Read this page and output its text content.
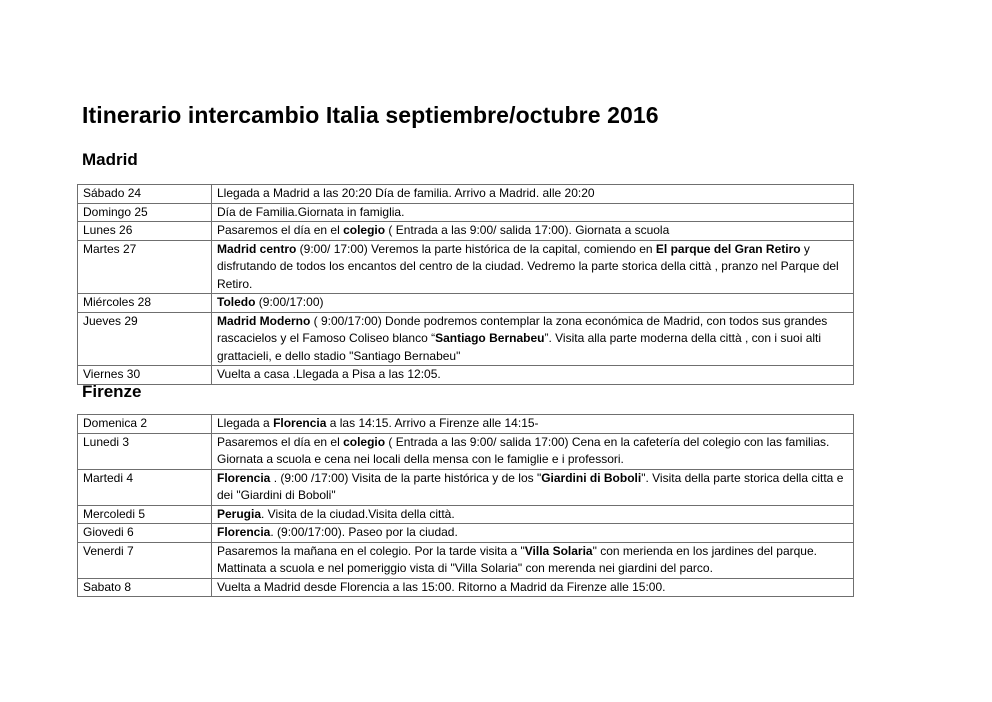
Itinerario intercambio Italia septiembre/octubre 2016
Madrid
Sábado 24	Llegada a Madrid a las 20:20 Día de familia. Arrivo a Madrid. alle 20:20
Domingo 25	Día de Familia.Giornata in famiglia.
Lunes 26	Pasaremos el día en el colegio ( Entrada a las 9:00/ salida 17:00). Giornata a scuola
Martes 27	Madrid centro (9:00/ 17:00) Veremos la parte histórica de la capital, comiendo en El parque del Gran Retiro y disfrutando de todos los encantos del centro de la ciudad. Vedremo la parte storica della città , pranzo nel Parque del Retiro.
Miércoles 28	Toledo (9:00/17:00)
Jueves 29	Madrid Moderno ( 9:00/17:00) Donde podremos contemplar la zona económica de Madrid, con todos sus grandes rascacielos y el Famoso Coliseo blanco “Santiago Bernabeu”. Visita alla parte moderna della città , con i suoi alti grattacieli, e dello stadio "Santiago Bernabeu"
Viernes 30	Vuelta a casa .Llegada a Pisa a las 12:05.
Firenze
Domenica 2	Llegada a Florencia a las 14:15. Arrivo a Firenze alle 14:15-
Lunedi 3	Pasaremos el día en el colegio ( Entrada a las 9:00/ salida 17:00) Cena en la cafetería del colegio con las familias. Giornata a scuola e cena nei locali della mensa con le famiglie e i professori.
Martedi 4	Florencia . (9:00 /17:00) Visita de la parte histórica y de los "Giardini di Boboli". Visita della parte storica della citta e dei "Giardini di Boboli"
Mercoledi 5	Perugia. Visita de la ciudad.Visita della città.
Giovedi 6	Florencia. (9:00/17:00). Paseo por la ciudad.
Venerdi 7	Pasaremos la mañana en el colegio. Por la tarde visita a "Villa Solaria" con merienda en los jardines del parque. Mattinata a scuola e nel pomeriggio vista di "Villa Solaria" con merenda nei giardini del parco.
Sabato 8	Vuelta a Madrid desde Florencia a las 15:00. Ritorno a Madrid da Firenze alle 15:00.
